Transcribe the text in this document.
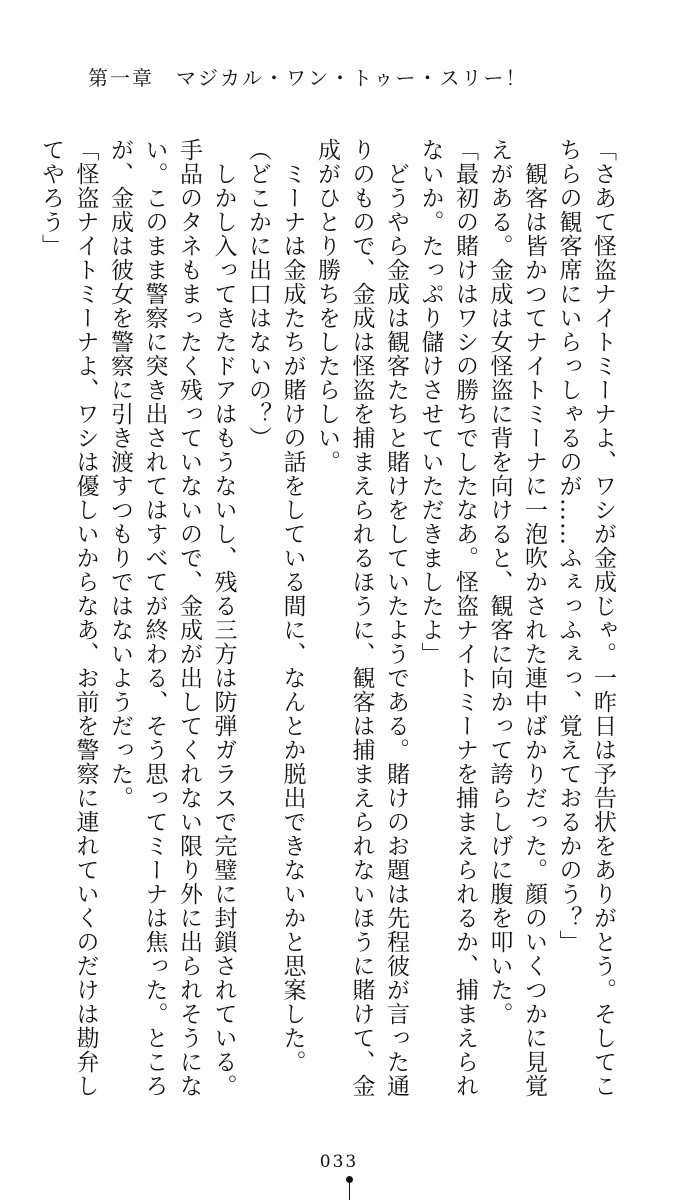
第一章 マジカル・ワン・トゥー・スリー！
「さあて怪盗ナイトミーナよ、ワシが金成じゃ。一昨日は予告状をありがとう。そしてこ
ちらの観客席にいらっしゃるのが……ふぇっふぇっ、覚えておるかのう？」
　観客は皆かつてナイトミーナに一泡吹かされた連中ばかりだった。顔のいくつかに見覚
えがある。金成は女怪盗に背を向けると、観客に向かって誇らしげに腹を叩いた。
「最初の賭けはワシの勝ちでしたなあ。怪盗ナイトミーナを捕まえられるか、捕まえられ
ないか。たっぷり儲けさせていただきましたよ」
　どうやら金成は観客たちと賭けをしていたようである。賭けのお題は先程彼が言った通
りのもので、金成は怪盗を捕まえられるほうに、観客は捕まえられないほうに賭けて、金
成がひとり勝ちをしたらしい。
　ミーナは金成たちが賭けの話をしている間に、なんとか脱出できないかと思案した。
（どこかに出口はないの？）
　しかし入ってきたドアはもうないし、残る三方は防弾ガラスで完璧に封鎖されている。
手品のタネもまったく残っていないので、金成が出してくれない限り外に出られそうにな
い。このまま警察に突き出されてはすべてが終わる、そう思ってミーナは焦った。ところ
が、金成は彼女を警察に引き渡すつもりではないようだった。
「怪盗ナイトミーナよ、ワシは優しいからなあ、お前を警察に連れていくのだけは勘弁し
てやろう」
033
